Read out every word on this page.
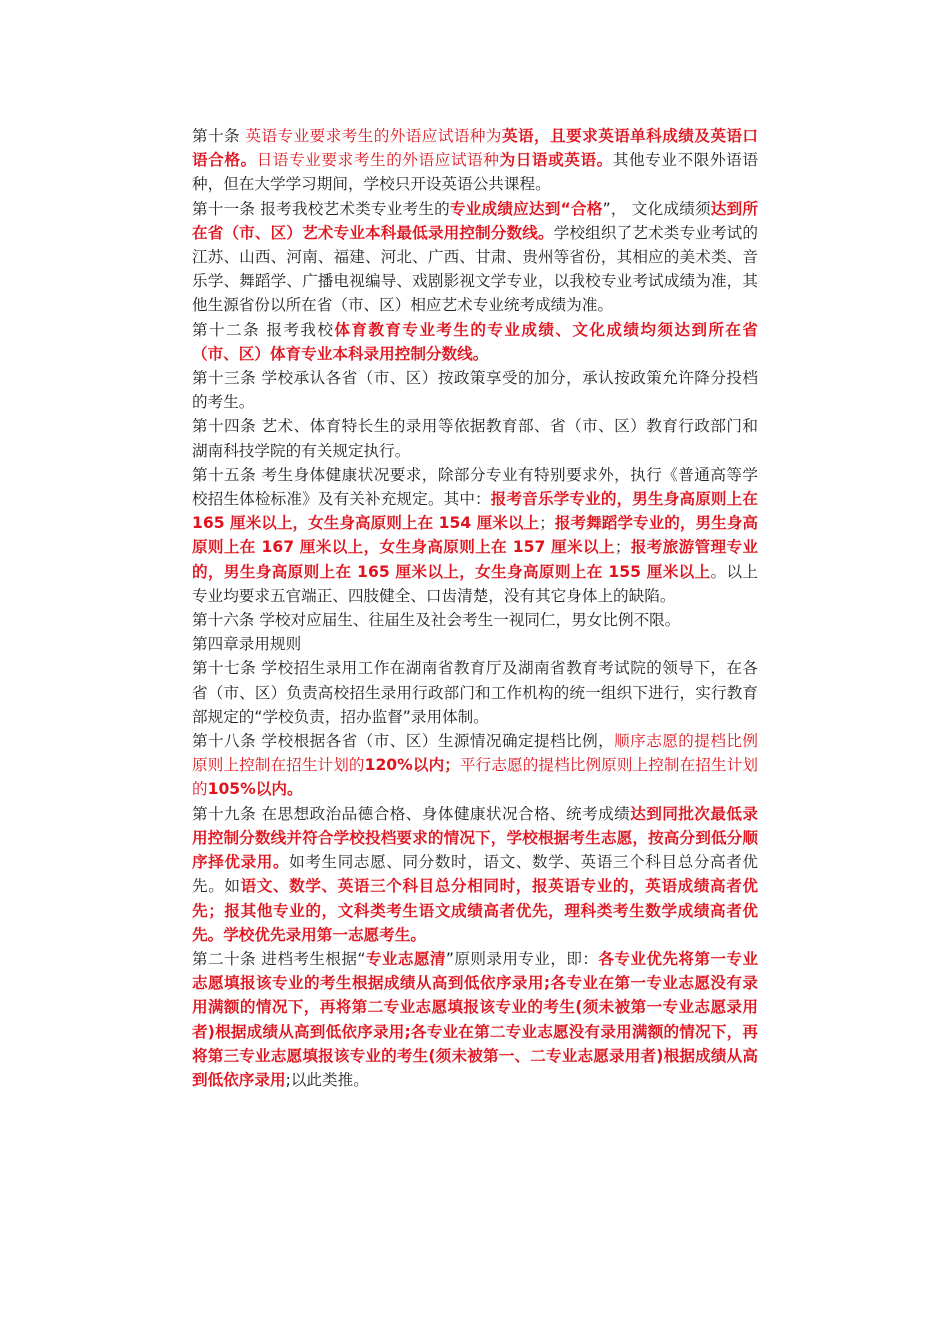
第十条 英语专业要求考生的外语应试语种为英语，且要求英语单科成绩及英语口语合格。日语专业要求考生的外语应试语种为日语或英语。其他专业不限外语语种，但在大学学习期间，学校只开设英语公共课程。

第十一条 报考我校艺术类专业考生的专业成绩应达到“合格”， 文化成绩须达到所在省（市、区）艺术专业本科最低录用控制分数线。学校组织了艺术类专业考试的江苏、山西、河南、福建、河北、广西、甘肃、贵州等省份，其相应的美术类、音乐学、舞蹈学、广播电视编导、戏剧影视文学专业，以我校专业考试成绩为准，其他生源省份以所在省（市、区）相应艺术专业统考成绩为准。

第十二条 报考我校体育教育专业考生的专业成绩、文化成绩均须达到所在省（市、区）体育专业本科录用控制分数线。

第十三条 学校承认各省（市、区）按政策享受的加分，承认按政策允许降分投档的考生。

第十四条 艺术、体育特长生的录用等依据教育部、省（市、区）教育行政部门和湖南科技学院的有关规定执行。

第十五条 考生身体健康状况要求，除部分专业有特别要求外，执行《普通高等学校招生体检标准》及有关补充规定。其中：报考音乐学专业的，男生身高原则上在 165 厘米以上，女生身高原则上在 154 厘米以上；报考舞蹈学专业的，男生身高原则上在 167 厘米以上，女生身高原则上在 157 厘米以上；报考旅游管理专业的，男生身高原则上在 165 厘米以上，女生身高原则上在 155 厘米以上。以上专业均要求五官端正、四肢健全、口齿清楚，没有其它身体上的缺陷。

第十六条 学校对应届生、往届生及社会考生一视同仁，男女比例不限。

第四章录用规则

第十七条 学校招生录用工作在湖南省教育厅及湖南省教育考试院的领导下，在各省（市、区）负责高校招生录用行政部门和工作机构的统一组织下进行，实行教育部规定的“学校负责，招办监督”录用体制。

第十八条 学校根据各省（市、区）生源情况确定提档比例，顺序志愿的提档比例原则上控制在招生计划的120%以内；平行志愿的提档比例原则上控制在招生计划的105%以内。

第十九条 在思想政治品德合格、身体健康状况合格、统考成绩达到同批次最低录用控制分数线并符合学校投档要求的情况下，学校根据考生志愿，按高分到低分顺序择优录用。如考生同志愿、同分数时，语文、数学、英语三个科目总分高者优先。如语文、数学、英语三个科目总分相同时，报英语专业的，英语成绩高者优先；报其他专业的，文科类考生语文成绩高者优先，理科类考生数学成绩高者优先。学校优先录用第一志愿考生。

第二十条 进档考生根据“专业志愿清”原则录用专业，即：各专业优先将第一专业志愿填报该专业的考生根据成绩从高到低依序录用;各专业在第一专业志愿没有录用满额的情况下，再将第二专业志愿填报该专业的考生(须未被第一专业志愿录用者)根据成绩从高到低依序录用;各专业在第二专业志愿没有录用满额的情况下，再将第三专业志愿填报该专业的考生(须未被第一、二专业志愿录用者)根据成绩从高到低依序录用;以此类推。
